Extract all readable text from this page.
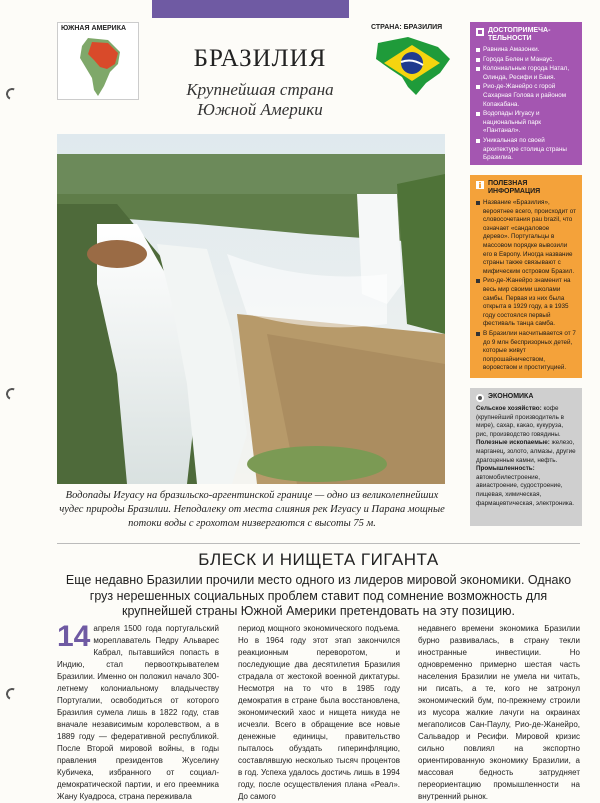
ЮЖНАЯ АМЕРИКА	СТРАНА: БРАЗИЛИЯ
БРАЗИЛИЯ
Крупнейшая страна
Южной Америки
Водопады Игуасу на бразильско-аргентинской границе — одно из великолепнейших чудес природы Бразилии. Неподалеку от места слияния рек Игуасу и Парана мощные потоки воды с грохотом низвергаются с высоты 75 м.
ДОСТОПРИМЕЧА-ТЕЛЬНОСТИ
Равнина Амазонки.
Города Белен и Манаус.
Колониальные города Натал, Олинда, Ресифи и Баия.
Рио-де-Жанейро с горой Сахарная Голова и районом Копакабана.
Водопады Игуасу и национальный парк «Пантанал».
Уникальная по своей архитектуре столица страны Бразилиа.
ПОЛЕЗНАЯ ИНФОРМАЦИЯ
Название «Бразилия», вероятнее всего, происходит от словосочетания pau brazil, что означает «сандаловое дерево». Португальцы в массовом порядке вывозили его в Европу. Иногда название страны также связывают с мифическим островом Бразил.
Рио-де-Жанейро знаменит на весь мир своими школами самбы. Первая из них была открыта в 1929 году, а в 1935 году состоялся первый фестиваль танца самба.
В Бразилии насчитывается от 7 до 9 млн беспризорных детей, которые живут попрошайничеством, воровством и проституцией.
ЭКОНОМИКА
Сельское хозяйство: кофе (крупнейший производитель в мире), сахар, какао, кукуруза, рис, производство говядины.
Полезные ископаемые: железо, марганец, золото, алмазы, другие драгоценные камни, нефть.
Промышленность: автомобилестроение, авиастроение, судостроение, пищевая, химическая, фармацевтическая, электроника.
БЛЕСК И НИЩЕТА ГИГАНТА
Еще недавно Бразилии прочили место одного из лидеров мировой экономики. Однако груз нерешенных социальных проблем ставит под сомнение возможность для крупнейшей страны Южной Америки претендовать на эту позицию.
14 апреля 1500 года португальский мореплаватель Педру Альварес Кабрал, пытавшийся попасть в Индию, стал первооткрывателем Бразилии. Именно он положил начало 300-летнему колониальному владычеству Португалии, освободиться от которого Бразилия сумела лишь в 1822 году, став вначале независимым королевством, а в 1889 году — федеративной республикой. После Второй мировой войны, в годы правления президентов Жуселину Кубичека, избранного от социал-демократической партии, и его преемника Жану Куадроса, страна переживала
период мощного экономического подъема. Но в 1964 году этот этап закончился реакционным переворотом, и последующие два десятилетия Бразилия страдала от жестокой военной диктатуры. Несмотря на то что в 1985 году демократия в стране была восстановлена, экономический хаос и нищета никуда не исчезли. Всего в обращение все новые денежные единицы, правительство пыталось обуздать гиперинфляцию, составлявшую несколько тысяч процентов в год. Успеха удалось достичь лишь в 1994 году, после осуществления плана «Реал». До самого
недавнего времени экономика Бразилии бурно развивалась, в страну текли иностранные инвестиции. Но одновременно примерно шестая часть населения Бразилии не умела ни читать, ни писать, а те, кого не затронул экономический бум, по-прежнему строили из мусора жалкие лачуги на окраинах мегаполисов Сан-Паулу, Рио-де-Жанейро, Сальвадор и Ресифи. Мировой кризис сильно повлиял на экспортно ориентированную экономику Бразилии, а массовая бедность затрудняет переориентацию промышленности на внутренний рынок.
